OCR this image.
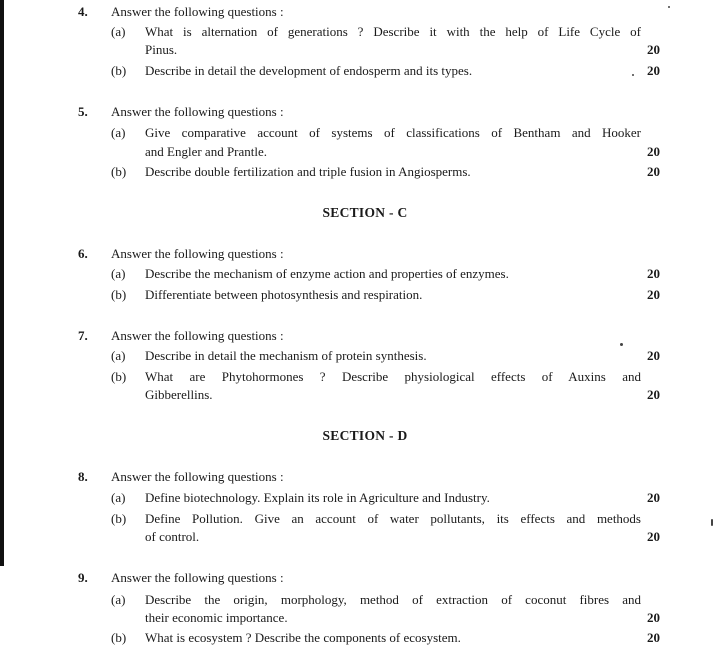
4. Answer the following questions :
(a) What is alternation of generations ? Describe it with the help of Life Cycle of
Pinus.	20
(b) Describe in detail the development of endosperm and its types.	20
5. Answer the following questions :
(a) Give comparative account of systems of classifications of Bentham and Hooker
and Engler and Prantle.	20
(b) Describe double fertilization and triple fusion in Angiosperms.	20
SECTION - C
6. Answer the following questions :
(a) Describe the mechanism of enzyme action and properties of enzymes.	20
(b) Differentiate between photosynthesis and respiration.	20
7. Answer the following questions :
(a) Describe in detail the mechanism of protein synthesis.	20
(b) What are Phytohormones ? Describe physiological effects of Auxins and
Gibberellins.	20
SECTION - D
8. Answer the following questions :
(a) Define biotechnology. Explain its role in Agriculture and Industry.	20
(b) Define Pollution. Give an account of water pollutants, its effects and methods
of control.	20
9. Answer the following questions :
(a) Describe the origin, morphology, method of extraction of coconut fibres and
their economic importance.	20
(b) What is ecosystem ? Describe the components of ecosystem.	20
